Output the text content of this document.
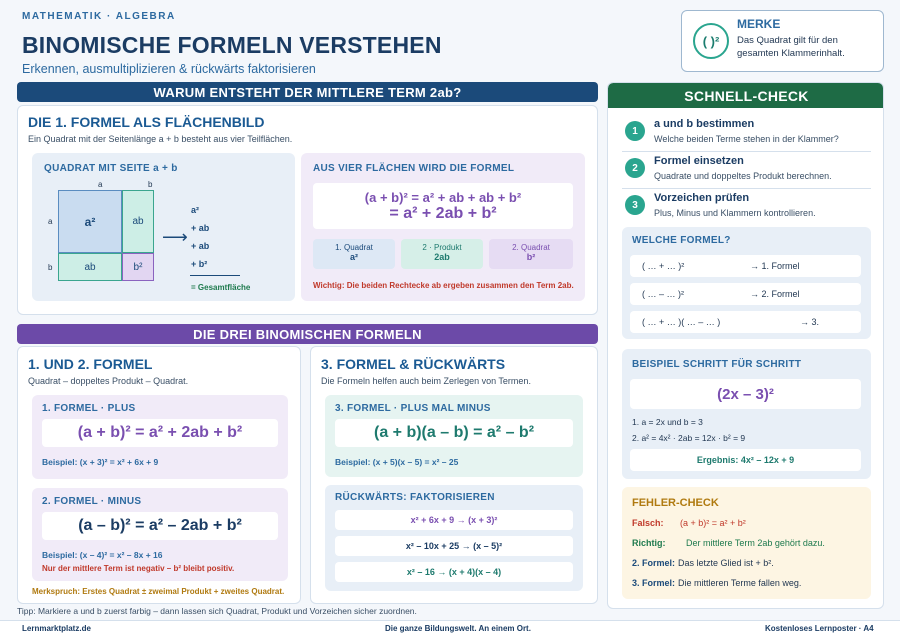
MATHEMATIK · ALGEBRA
BINOMISCHE FORMELN VERSTEHEN
Erkennen, ausmultiplizieren & rückwärts faktorisieren
( )²
MERKE
Das Quadrat gilt für den gesamten Klammerinhalt.
WARUM ENTSTEHT DER MITTLERE TERM 2ab?
DIE 1. FORMEL ALS FLÄCHENBILD
Ein Quadrat mit der Seitenlänge a + b besteht aus vier Teilflächen.
QUADRAT MIT SEITE a + b
a	b
a
b
a²	ab
ab	b²
⟶
a²
+ ab
+ ab
+ b²
= Gesamtfläche
AUS VIER FLÄCHEN WIRD DIE FORMEL
(a + b)² = a² + ab + ab + b²
= a² + 2ab + b²
1. Quadrat
a²
2 · Produkt
2ab
2. Quadrat
b²
Wichtig: Die beiden Rechtecke ab ergeben zusammen den Term 2ab.
DIE DREI BINOMISCHEN FORMELN
1. UND 2. FORMEL
Quadrat – doppeltes Produkt – Quadrat.
1. FORMEL · PLUS
(a + b)² = a² + 2ab + b²
Beispiel: (x + 3)² = x² + 6x + 9
2. FORMEL · MINUS
(a – b)² = a² – 2ab + b²
Beispiel: (x – 4)² = x² – 8x + 16
Nur der mittlere Term ist negativ – b² bleibt positiv.
Merkspruch: Erstes Quadrat ± zweimal Produkt + zweites Quadrat.
3. FORMEL & RÜCKWÄRTS
Die Formeln helfen auch beim Zerlegen von Termen.
3. FORMEL · PLUS MAL MINUS
(a + b)(a – b) = a² – b²
Beispiel: (x + 5)(x – 5) = x² – 25
RÜCKWÄRTS: FAKTORISIEREN
x² + 6x + 9 → (x + 3)²
x² – 10x + 25 → (x – 5)²
x² – 16 → (x + 4)(x – 4)
Tipp: Markiere a und b zuerst farbig – dann lassen sich Quadrat, Produkt und Vorzeichen sicher zuordnen.
SCHNELL-CHECK
1
a und b bestimmen
Welche beiden Terme stehen in der Klammer?
2
Formel einsetzen
Quadrate und doppeltes Produkt berechnen.
3
Vorzeichen prüfen
Plus, Minus und Klammern kontrollieren.
WELCHE FORMEL?
( … + … )²	→ 1. Formel
( … – … )²	→ 2. Formel
( … + … )( … – … )	→ 3.
BEISPIEL SCHRITT FÜR SCHRITT
(2x – 3)²
1. a = 2x und b = 3
2. a² = 4x² · 2ab = 12x · b² = 9
Ergebnis: 4x² – 12x + 9
FEHLER-CHECK
Falsch: (a + b)² = a² + b²
Richtig: Der mittlere Term 2ab gehört dazu.
2. Formel: Das letzte Glied ist + b².
3. Formel: Die mittleren Terme fallen weg.
Lernmarktplatz.de	Die ganze Bildungswelt. An einem Ort.	Kostenloses Lernposter · A4
